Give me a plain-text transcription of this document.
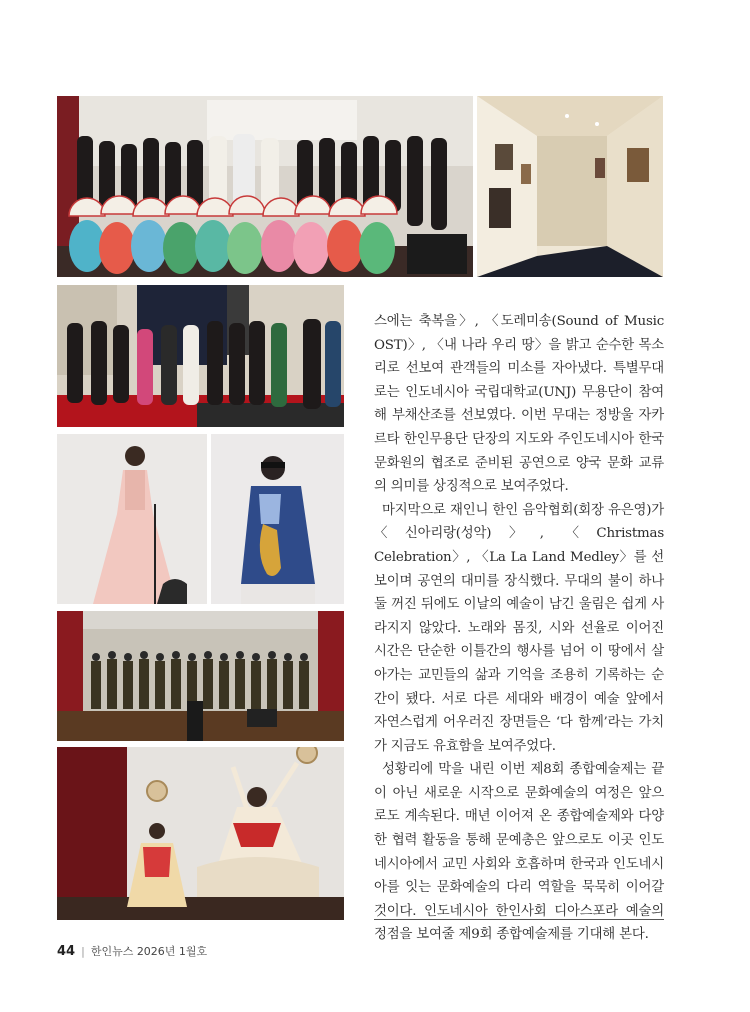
스에는 축복을〉, 〈도레미송(Sound of Music OST)〉, 〈내 나라 우리 땅〉을 밝고 순수한 목소리로 선보여 관객들의 미소를 자아냈다. 특별무대로는 인도네시아 국립대학교(UNJ) 무용단이 참여해 부채산조를 선보였다. 이번 무대는 정방울 자카르타 한인무용단 단장의 지도와 주인도네시아 한국문화원의 협조로 준비된 공연으로 양국 문화 교류의 의미를 상징적으로 보여주었다.

마지막으로 재인니 한인 음악협회(회장 유은영)가 〈신아리랑(성악)〉, 〈Christmas Celebration〉, 〈La La Land Medley〉를 선보이며 공연의 대미를 장식했다. 무대의 불이 하나둘 꺼진 뒤에도 이날의 예술이 남긴 울림은 쉽게 사라지지 않았다. 노래와 몸짓, 시와 선율로 이어진 시간은 단순한 이틀간의 행사를 넘어 이 땅에서 살아가는 교민들의 삶과 기억을 조용히 기록하는 순간이 됐다. 서로 다른 세대와 배경이 예술 앞에서 자연스럽게 어우러진 장면들은 ‘다 함께’라는 가치가 지금도 유효함을 보여주었다.

성황리에 막을 내린 이번 제8회 종합예술제는 끝이 아닌 새로운 시작으로 문화예술의 여정은 앞으로도 계속된다. 매년 이어져 온 종합예술제와 다양한 협력 활동을 통해 문예총은 앞으로도 이곳 인도네시아에서 교민 사회와 호흡하며 한국과 인도네시아를 잇는 문화예술의 다리 역할을 묵묵히 이어갈 것이다. 인도네시아 한인사회 디아스포라 예술의 정점을 보여줄 제9회 종합예술제를 기대해 본다.

44 | 한인뉴스 2026년 1월호
